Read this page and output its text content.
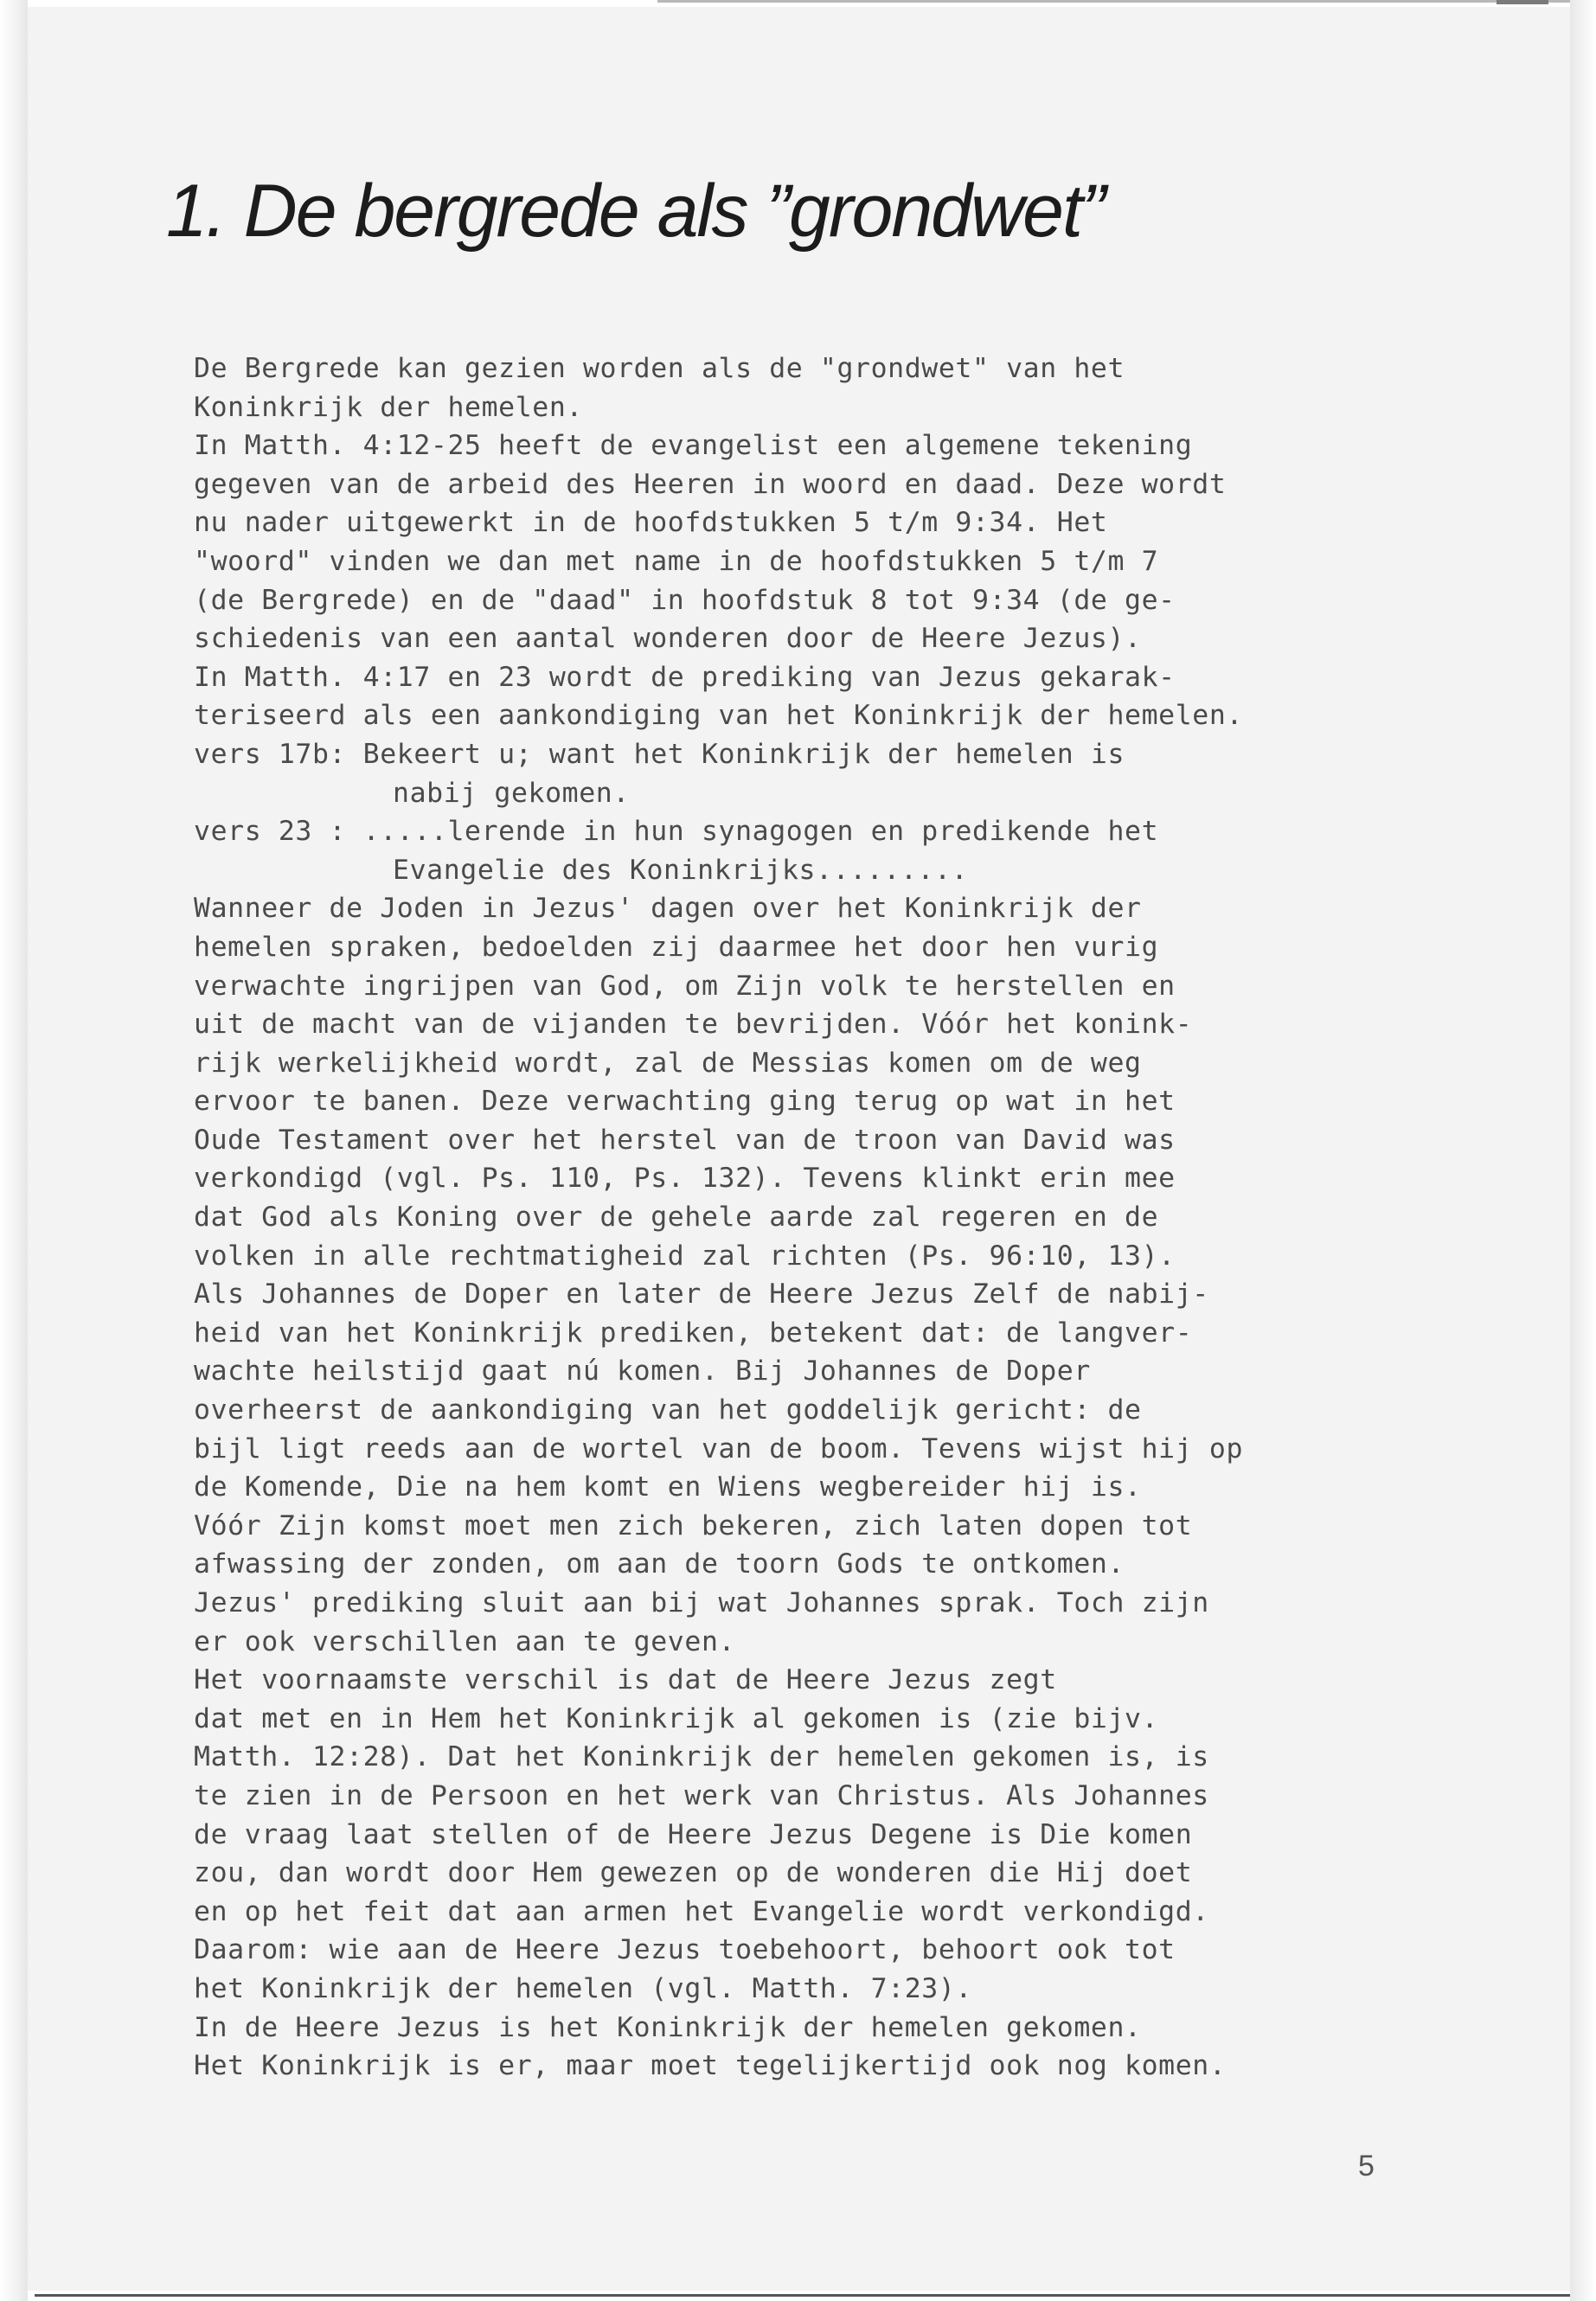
1. De bergrede als ”grondwet”
De Bergrede kan gezien worden als de "grondwet" van het
Koninkrijk der hemelen.
In Matth. 4:12-25 heeft de evangelist een algemene tekening
gegeven van de arbeid des Heeren in woord en daad. Deze wordt
nu nader uitgewerkt in de hoofdstukken 5 t/m 9:34. Het
"woord" vinden we dan met name in de hoofdstukken 5 t/m 7
(de Bergrede) en de "daad" in hoofdstuk 8 tot 9:34 (de ge-
schiedenis van een aantal wonderen door de Heere Jezus).
In Matth. 4:17 en 23 wordt de prediking van Jezus gekarak-
teriseerd als een aankondiging van het Koninkrijk der hemelen.
vers 17b: Bekeert u; want het Koninkrijk der hemelen is
nabij gekomen.
vers 23 : .....lerende in hun synagogen en predikende het
Evangelie des Koninkrijks.........
Wanneer de Joden in Jezus' dagen over het Koninkrijk der
hemelen spraken, bedoelden zij daarmee het door hen vurig
verwachte ingrijpen van God, om Zijn volk te herstellen en
uit de macht van de vijanden te bevrijden. Vóór het konink-
rijk werkelijkheid wordt, zal de Messias komen om de weg
ervoor te banen. Deze verwachting ging terug op wat in het
Oude Testament over het herstel van de troon van David was
verkondigd (vgl. Ps. 110, Ps. 132). Tevens klinkt erin mee
dat God als Koning over de gehele aarde zal regeren en de
volken in alle rechtmatigheid zal richten (Ps. 96:10, 13).
Als Johannes de Doper en later de Heere Jezus Zelf de nabij-
heid van het Koninkrijk prediken, betekent dat: de langver-
wachte heilstijd gaat nú komen. Bij Johannes de Doper
overheerst de aankondiging van het goddelijk gericht: de
bijl ligt reeds aan de wortel van de boom. Tevens wijst hij op
de Komende, Die na hem komt en Wiens wegbereider hij is.
Vóór Zijn komst moet men zich bekeren, zich laten dopen tot
afwassing der zonden, om aan de toorn Gods te ontkomen.
Jezus' prediking sluit aan bij wat Johannes sprak. Toch zijn
er ook verschillen aan te geven.
Het voornaamste verschil is dat de Heere Jezus zegt
dat met en in Hem het Koninkrijk al gekomen is (zie bijv.
Matth. 12:28). Dat het Koninkrijk der hemelen gekomen is, is
te zien in de Persoon en het werk van Christus. Als Johannes
de vraag laat stellen of de Heere Jezus Degene is Die komen
zou, dan wordt door Hem gewezen op de wonderen die Hij doet
en op het feit dat aan armen het Evangelie wordt verkondigd.
Daarom: wie aan de Heere Jezus toebehoort, behoort ook tot
het Koninkrijk der hemelen (vgl. Matth. 7:23).
In de Heere Jezus is het Koninkrijk der hemelen gekomen.
Het Koninkrijk is er, maar moet tegelijkertijd ook nog komen.
5
